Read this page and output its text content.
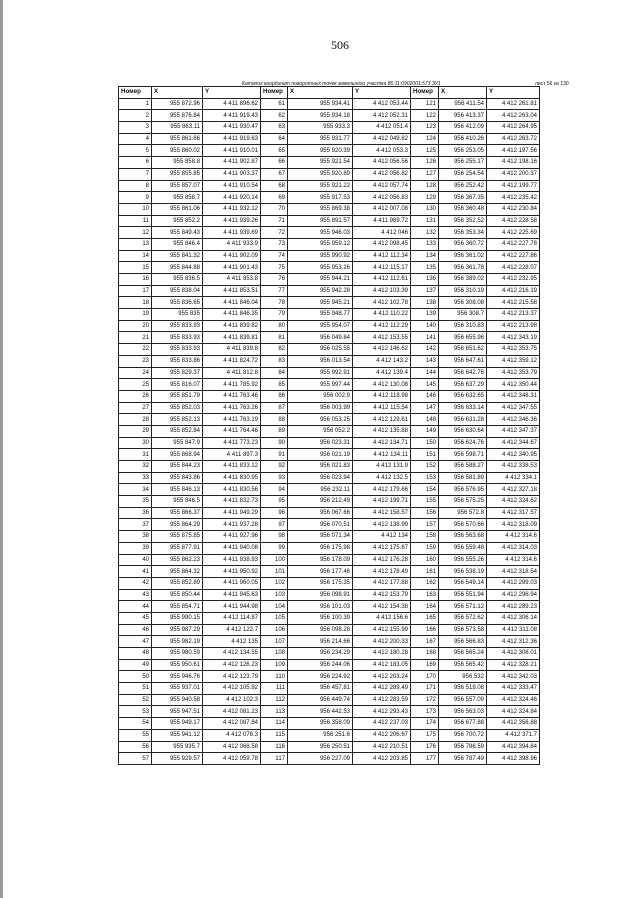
506
Каталог координат поворотных точек земельного участка 86:11:0902001:573 ЗУ1	лист 56 из 130
Номер	X	Y	Номер	X	Y	Номер	X	Y
1	955 872.96	4 411 896.62	61	955 934.41	4 412 053.44	121	956 411.54	4 412 261.81
2	955 876.84	4 411 919.43	62	955 934.18	4 412 052.31	122	956 413.37	4 412 263.04
3	955 863.11	4 411 930.47	63	955 933.3	4 412 051.4	123	956 412.09	4 412 264.95
4	955 861.66	4 411 919.63	64	955 931.77	4 412 049.82	124	956 410.26	4 412 263.72
5	955 860.02	4 411 910.01	65	955 920.39	4 412 053.3	125	956 253.05	4 412 197.56
6	955 858.8	4 411 902.87	66	955 921.54	4 412 056.56	126	956 255.17	4 412 198.16
7	955 855.85	4 411 903.37	67	955 920.89	4 412 056.82	127	956 254.54	4 412 200.37
8	955 857.07	4 411 910.54	68	955 921.22	4 412 057.74	128	956 252.42	4 412 199.77
9	955 858.7	4 411 920.14	69	955 917.53	4 412 056.83	129	956 367.35	4 412 235.42
10	955 861.06	4 411 932.12	70	955 869.38	4 412 007.08	130	956 360.48	4 412 230.84
11	955 852.2	4 411 939.26	71	955 891.57	4 411 989.72	131	956 352.52	4 412 228.58
12	955 849.43	4 411 939.69	72	955 946.03	4 412 046	132	956 353.34	4 412 225.69
13	955 846.4	4 411 933.9	73	955 959.12	4 412 098.45	133	956 360.72	4 412 227.78
14	955 841.32	4 411 902.09	74	955 990.92	4 412 112.34	134	956 361.02	4 412 227.86
15	955 844.88	4 411 901.43	75	955 953.26	4 412 115.17	135	956 361.78	4 412 228.07
16	955 836.5	4 411 853.8	76	955 944.21	4 412 112.61	136	956 389.02	4 412 232.95
17	955 838.04	4 411 853.51	77	955 942.28	4 412 103.39	137	956 310.19	4 412 216.19
18	955 836.65	4 411 846.04	78	955 945.21	4 412 102.78	138	956 308.08	4 412 215.58
19	955 835	4 411 846.35	79	955 948.77	4 412 110.22	139	956 308.7	4 412 213.37
20	955 833.93	4 411 839.82	80	955 954.07	4 412 112.29	140	956 310.83	4 412 213.98
21	955 833.93	4 411 839.81	81	956 049.84	4 412 153.55	141	956 655.96	4 412 343.19
22	955 833.93	4 411 839.8	82	956 025.55	4 412 146.62	142	956 651.62	4 412 353.75
23	955 833.86	4 411 824.72	83	956 013.54	4 412 143.2	143	956 647.61	4 412 359.12
24	955 829.37	4 411 812.8	84	955 992.91	4 412 139.4	144	956 642.76	4 412 353.79
25	955 816.07	4 411 785.92	85	955 997.44	4 412 130.08	145	956 637.29	4 412 350.44
26	955 851.79	4 411 763.46	86	956 002.9	4 412 118.98	146	956 632.65	4 412 348.31
27	955 852.03	4 411 763.26	87	956 003.99	4 412 115.54	147	956 633.14	4 412 347.55
28	955 852.13	4 411 763.19	88	956 053.25	4 412 129.61	148	956 631.28	4 412 346.36
29	955 852.84	4 411 764.46	89	956 052.2	4 412 135.88	149	956 630.64	4 412 347.37
30	955 847.9	4 411 773.23	90	956 023.31	4 412 134.71	150	956 624.76	4 412 344.67
31	955 868.94	4 411 897.3	91	956 021.19	4 412 134.11	151	956 598.71	4 412 340.95
32	955 844.23	4 411 833.12	92	956 021.83	4 412 131.9	152	956 588.27	4 412 338.53
33	955 843.86	4 411 830.95	93	956 023.94	4 412 132.5	153	956 581.89	4 412 334.1
34	955 846.13	4 411 830.56	94	956 232.11	4 412 179.66	154	956 576.95	4 412 327.18
35	955 846.5	4 411 832.73	95	956 212.49	4 412 199.71	155	956 575.25	4 412 324.62
36	955 866.37	4 411 949.29	96	956 067.66	4 412 158.57	156	956 572.8	4 412 317.57
37	955 864.29	4 411 937.28	97	956 070.51	4 412 138.99	157	956 570.66	4 412 318.09
38	955 875.85	4 411 927.96	98	956 071.34	4 412 134	158	956 563.68	4 412 314.6
39	955 877.91	4 411 940.08	99	956 175.98	4 412 175.67	159	956 559.48	4 412 314.03
40	955 862.23	4 411 938.93	100	956 178.09	4 412 176.28	160	956 555.26	4 412 314.6
41	955 864.32	4 411 950.92	101	956 177.46	4 412 178.49	161	956 538.19	4 412 318.54
42	955 852.89	4 411 960.05	102	956 175.35	4 412 177.88	162	956 549.14	4 412 299.03
43	955 850.44	4 411 945.63	103	956 098.91	4 412 153.79	163	956 551.94	4 412 296.94
44	955 854.71	4 411 944.98	104	956 101.03	4 412 154.38	164	956 571.12	4 412 289.23
45	955 990.15	4 412 114.87	105	956 100.39	4 412 156.6	165	956 572.62	4 412 306.14
46	955 987.29	4 412 122.7	106	956 098.28	4 412 155.99	166	956 573.58	4 412 311.08
47	955 982.19	4 412 135	107	956 214.66	4 412 200.33	167	956 566.83	4 412 312.36
48	955 980.59	4 412 134.55	108	956 234.29	4 412 180.28	168	956 565.24	4 412 308.01
49	955 950.61	4 412 126.23	109	956 244.06	4 412 183.05	169	956 565.42	4 412 328.21
50	955 946.76	4 412 123.79	110	956 224.92	4 412 203.24	170	956 532	4 412 342.03
51	955 937.01	4 412 105.92	111	956 457.81	4 412 289.49	171	956 519.08	4 412 333.47
52	955 940.58	4 412 102.3	112	956 449.74	4 412 283.59	172	956 557.09	4 412 324.46
53	955 947.51	4 412 081.23	113	956 442.53	4 412 293.43	173	956 563.03	4 412 324.84
54	955 949.17	4 412 087.84	114	956 358.09	4 412 237.03	174	956 677.88	4 412 356.88
55	955 941.12	4 412 076.3	115	956 251.6	4 412 206.67	175	956 700.72	4 412 371.7
56	955 935.7	4 412 068.58	116	956 250.51	4 412 210.51	176	956 786.59	4 412 394.84
57	955 929.57	4 412 059.78	117	956 227.09	4 412 203.85	177	956 787.49	4 412 398.96
